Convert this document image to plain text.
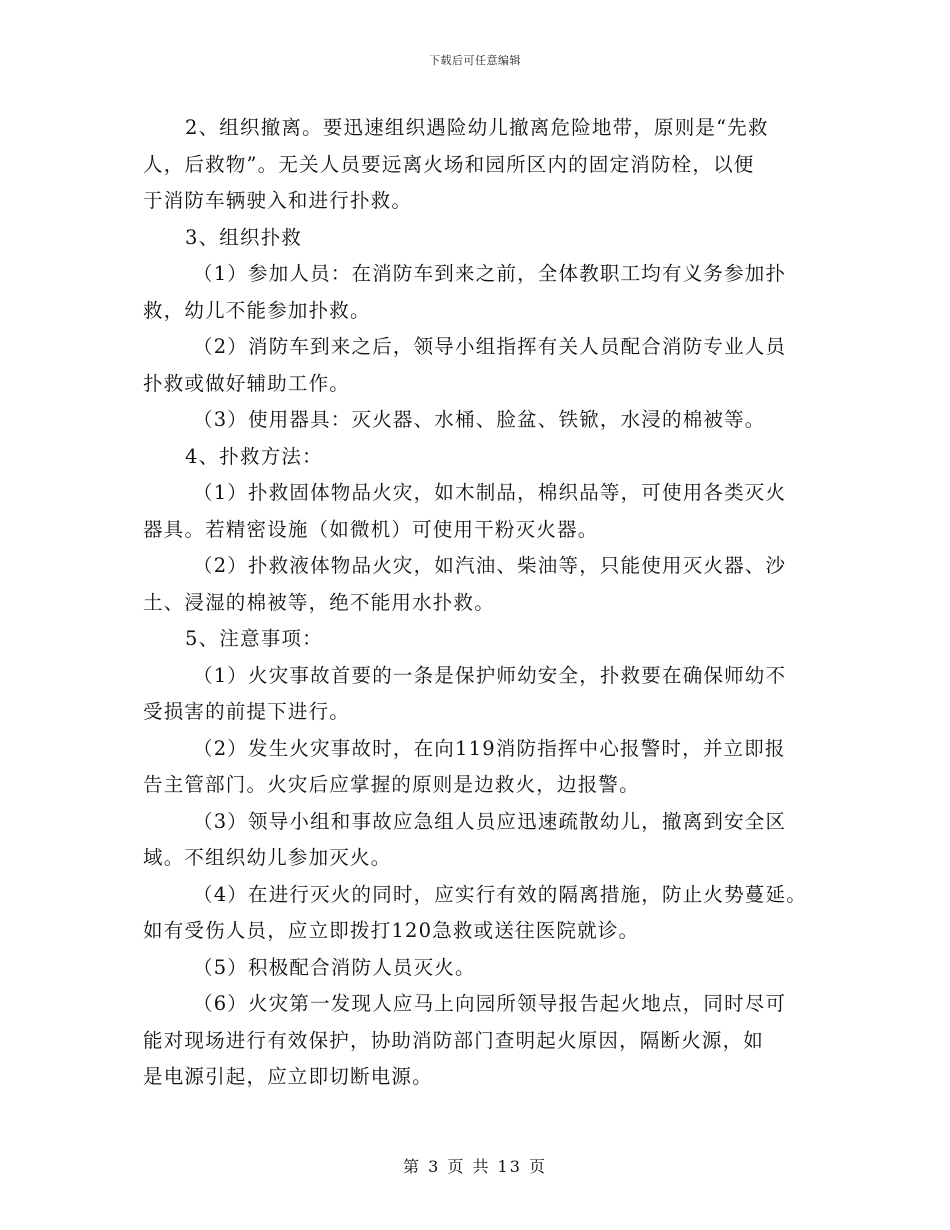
下载后可任意编辑
2、组织撤离。要迅速组织遇险幼儿撤离危险地带，原则是“先救
人，后救物”。无关人员要远离火场和园所区内的固定消防栓，以便
于消防车辆驶入和进行扑救。
3、组织扑救
（1）参加人员：在消防车到来之前，全体教职工均有义务参加扑
救，幼儿不能参加扑救。
（2）消防车到来之后，领导小组指挥有关人员配合消防专业人员
扑救或做好辅助工作。
（3）使用器具：灭火器、水桶、脸盆、铁锨，水浸的棉被等。
4、扑救方法：
（1）扑救固体物品火灾，如木制品，棉织品等，可使用各类灭火
器具。若精密设施（如微机）可使用干粉灭火器。
（2）扑救液体物品火灾，如汽油、柴油等，只能使用灭火器、沙
土、浸湿的棉被等，绝不能用水扑救。
5、注意事项：
（1）火灾事故首要的一条是保护师幼安全，扑救要在确保师幼不
受损害的前提下进行。
（2）发生火灾事故时，在向119消防指挥中心报警时，并立即报
告主管部门。火灾后应掌握的原则是边救火，边报警。
（3）领导小组和事故应急组人员应迅速疏散幼儿，撤离到安全区
域。不组织幼儿参加灭火。
（4）在进行灭火的同时，应实行有效的隔离措施，防止火势蔓延。
如有受伤人员，应立即拨打120急救或送往医院就诊。
（5）积极配合消防人员灭火。
（6）火灾第一发现人应马上向园所领导报告起火地点，同时尽可
能对现场进行有效保护，协助消防部门查明起火原因，隔断火源，如
是电源引起，应立即切断电源。
第 3 页 共 13 页
